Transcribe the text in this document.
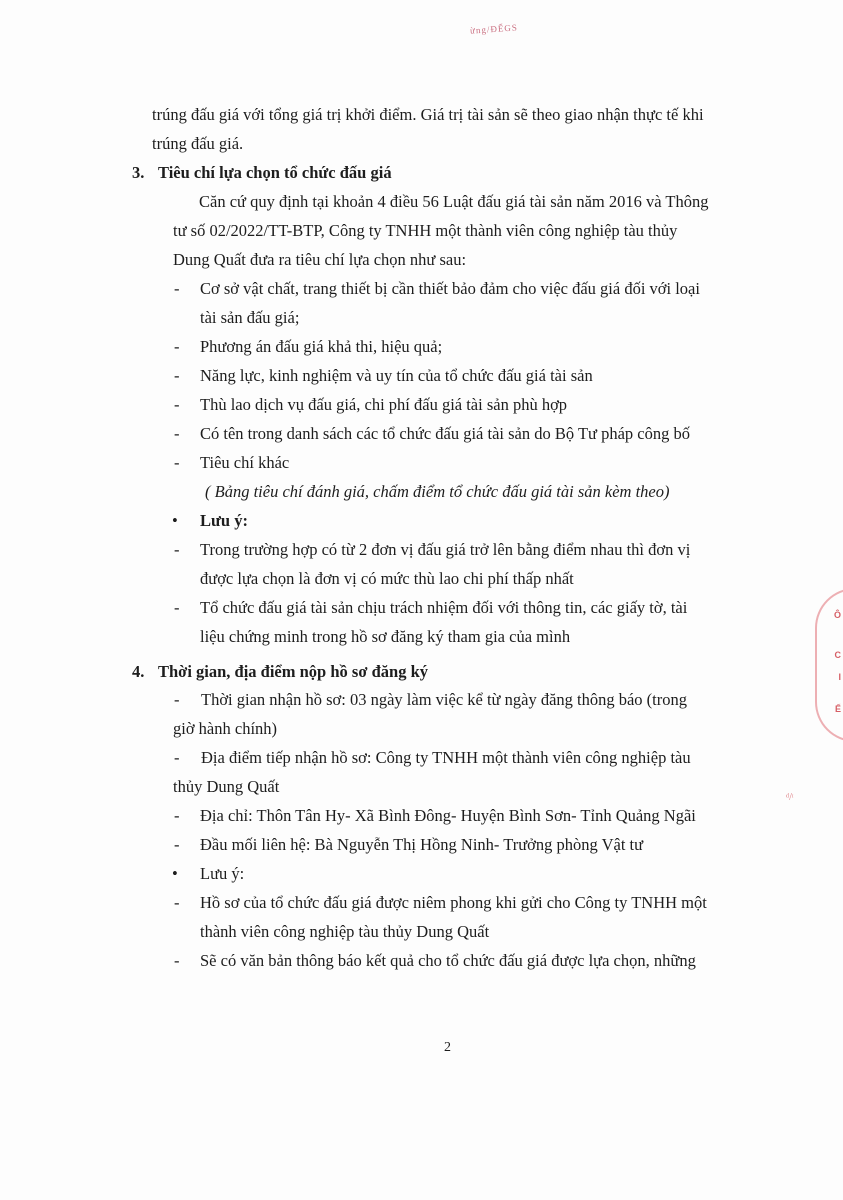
ừng/ĐẾGS
Ô
C
I
Ế
ᵈ/ᶦ
trúng đấu giá với tổng giá trị khởi điểm. Giá trị tài sản sẽ theo giao nhận thực tế khi
trúng đấu giá.
3. Tiêu chí lựa chọn tổ chức đấu giá
Căn cứ quy định tại khoản 4 điều 56 Luật đấu giá tài sản năm 2016 và Thông
tư số 02/2022/TT-BTP, Công ty TNHH một thành viên công nghiệp tàu thủy
Dung Quất đưa ra tiêu chí lựa chọn như sau:
- Cơ sở vật chất, trang thiết bị cần thiết bảo đảm cho việc đấu giá đối với loại
tài sản đấu giá;
- Phương án đấu giá khả thi, hiệu quả;
- Năng lực, kinh nghiệm và uy tín của tổ chức đấu giá tài sản
- Thù lao dịch vụ đấu giá, chi phí đấu giá tài sản phù hợp
- Có tên trong danh sách các tổ chức đấu giá tài sản do Bộ Tư pháp công bố
- Tiêu chí khác
( Bảng tiêu chí đánh giá, chấm điểm tổ chức đấu giá tài sản kèm theo)
• Lưu ý:
- Trong trường hợp có từ 2 đơn vị đấu giá trở lên bằng điểm nhau thì đơn vị
được lựa chọn là đơn vị có mức thù lao chi phí thấp nhất
- Tổ chức đấu giá tài sản chịu trách nhiệm đối với thông tin, các giấy tờ, tài
liệu chứng minh trong hồ sơ đăng ký tham gia của mình
4. Thời gian, địa điểm nộp hồ sơ đăng ký
- Thời gian nhận hồ sơ: 03 ngày làm việc kể từ ngày đăng thông báo (trong
giờ hành chính)
- Địa điểm tiếp nhận hồ sơ: Công ty TNHH một thành viên công nghiệp tàu
thủy Dung Quất
- Địa chỉ: Thôn Tân Hy- Xã Bình Đông- Huyện Bình Sơn- Tỉnh Quảng Ngãi
- Đầu mối liên hệ: Bà Nguyễn Thị Hồng Ninh- Trưởng phòng Vật tư
• Lưu ý:
- Hồ sơ của tổ chức đấu giá được niêm phong khi gửi cho Công ty TNHH một
thành viên công nghiệp tàu thủy Dung Quất
- Sẽ có văn bản thông báo kết quả cho tổ chức đấu giá được lựa chọn, những
2
